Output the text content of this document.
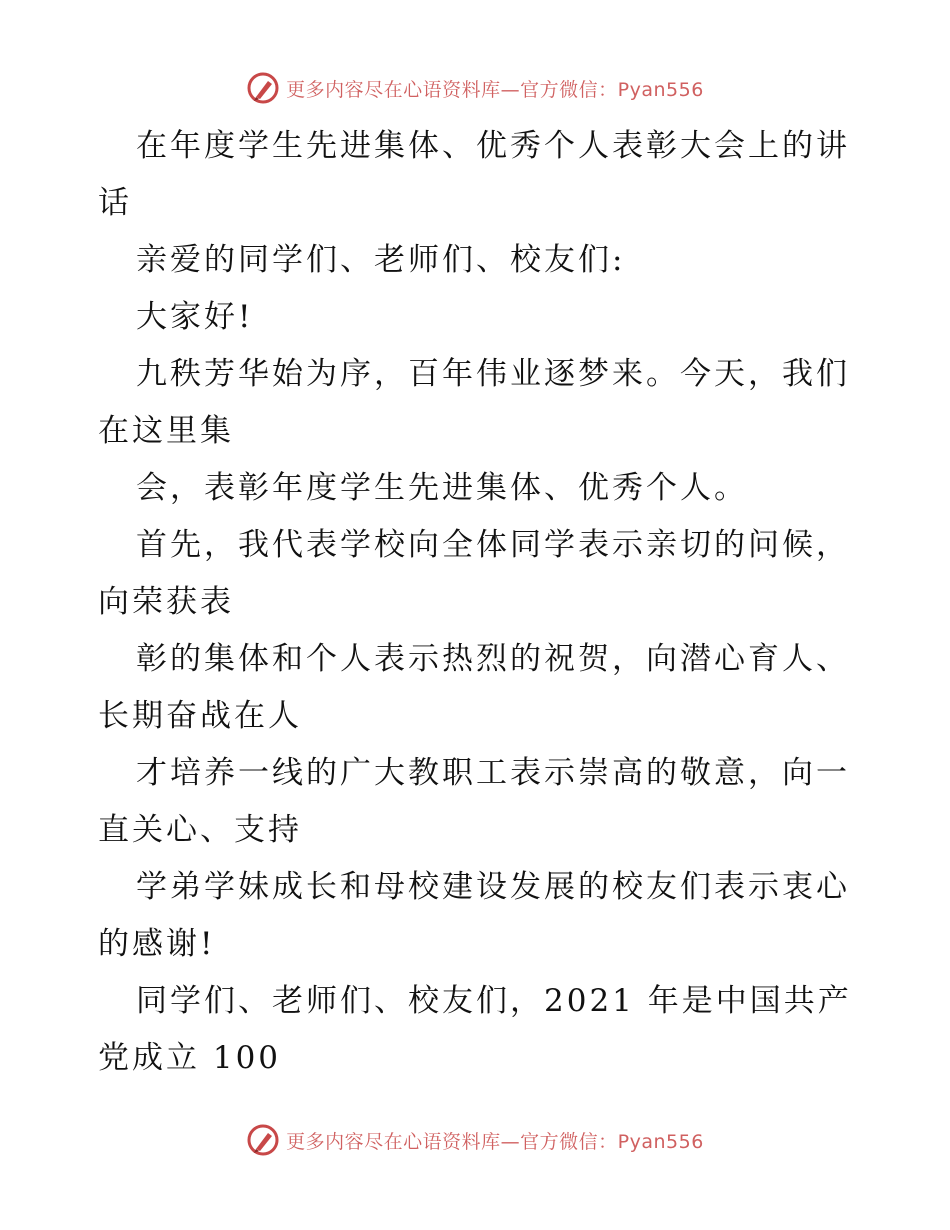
更多内容尽在心语资料库—官方微信：Pyan556
在年度学生先进集体、优秀个人表彰大会上的讲
话
亲爱的同学们、老师们、校友们:
大家好!
九秩芳华始为序，百年伟业逐梦来。今天，我们
在这里集
会，表彰年度学生先进集体、优秀个人。
首先，我代表学校向全体同学表示亲切的问候，
向荣获表
彰的集体和个人表示热烈的祝贺，向潜心育人、
长期奋战在人
才培养一线的广大教职工表示崇高的敬意，向一
直关心、支持
学弟学妹成长和母校建设发展的校友们表示衷心
的感谢!
同学们、老师们、校友们，2021 年是中国共产
党成立 100
更多内容尽在心语资料库—官方微信：Pyan556
